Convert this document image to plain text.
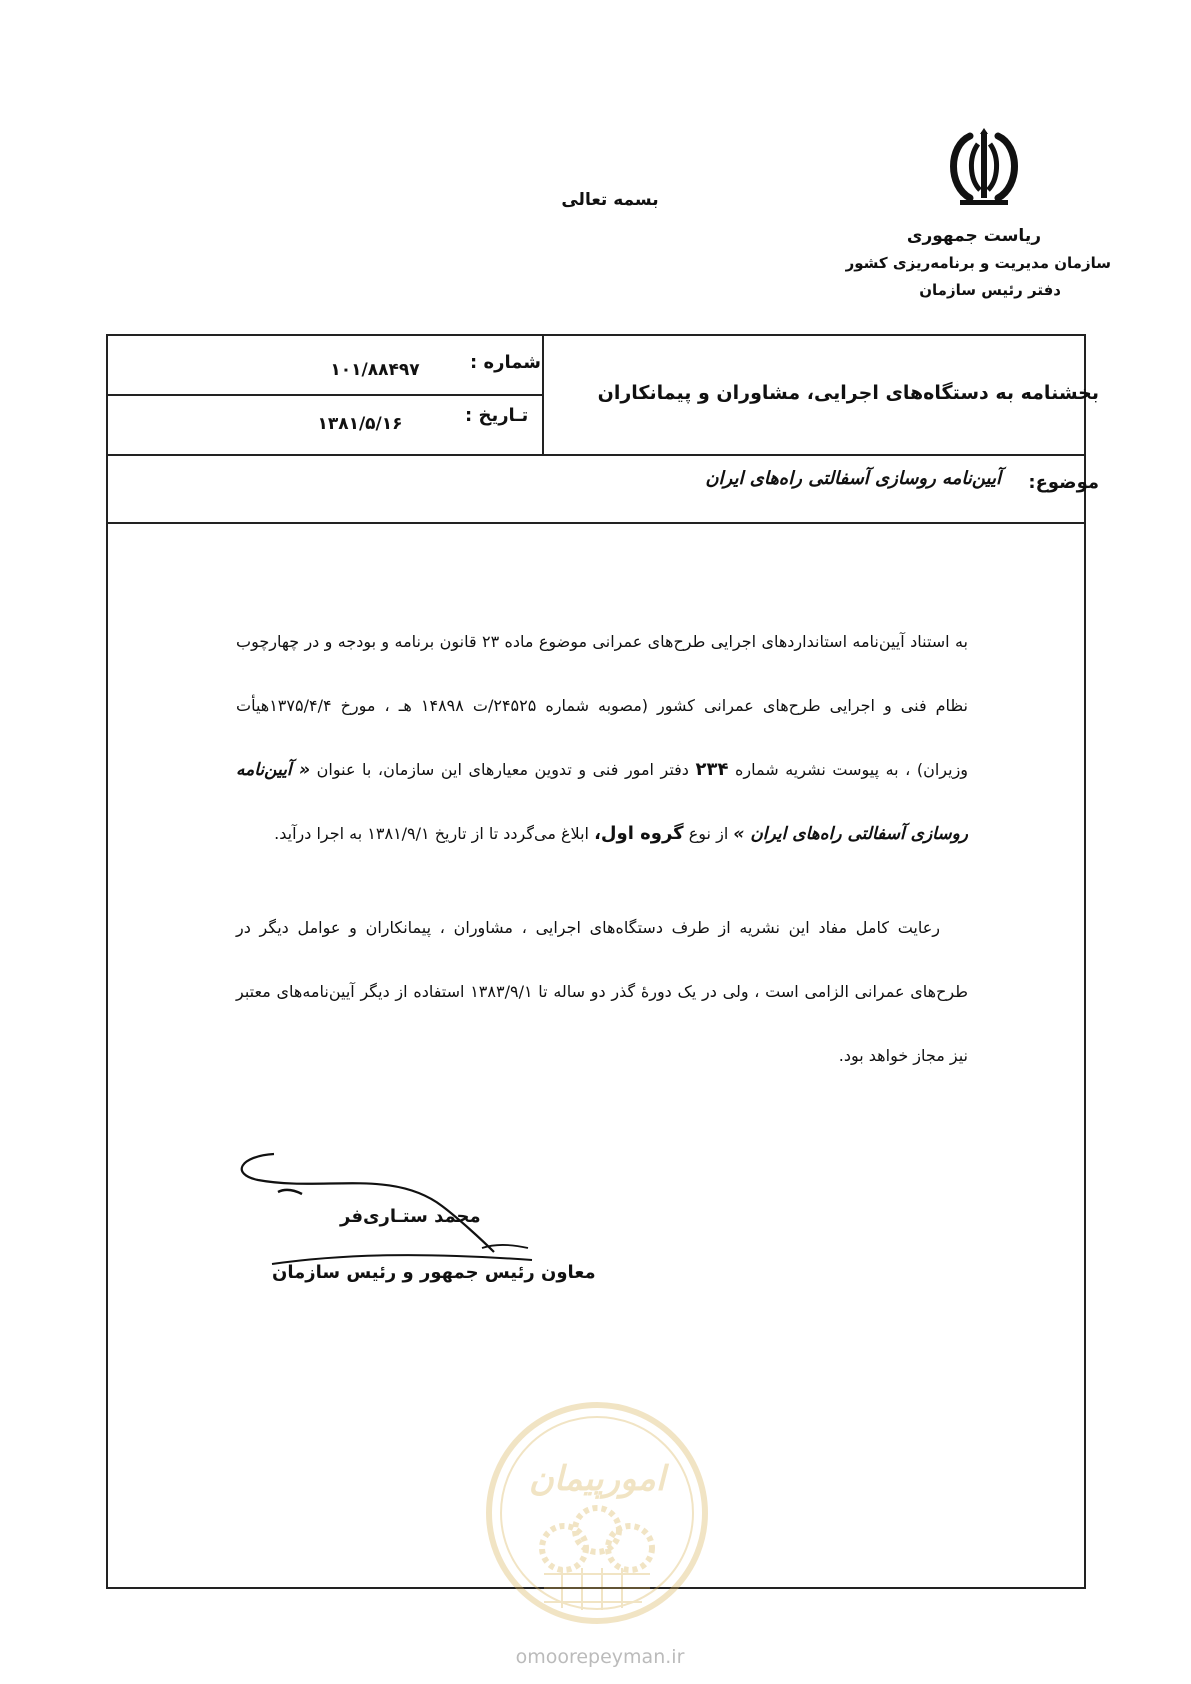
بسمه تعالی
ریاست جمهوری
سازمان مدیریت و برنامه‌ریزی کشور
دفتر رئیس سازمان
بخشنامه به دستگاه‌های اجرایی، مشاوران و پیمانکاران
شماره :
۱۰۱/۸۸۴۹۷
تـاریخ :
۱۳۸۱/۵/۱۶
موضوع:
آیین‌نامه روسازی آسفالتی راه‌های ایران

به استناد آیین‌نامه استانداردهای اجرایی طرح‌های عمرانی موضوع ماده ۲۳ قانون برنامه و بودجه و در چهارچوب نظام فنی و اجرایی طرح‌های عمرانی کشور (مصوبه شماره ۲۴۵۲۵/ت ۱۴۸۹۸ هـ ، مورخ ۱۳۷۵/۴/۴هیأت وزیران) ، به پیوست نشریه شماره ۲۳۴ دفتر امور فنی و تدوین معیارهای این سازمان، با عنوان « آیین‌نامه روسازی آسفالتی راه‌های ایران » از نوع گروه اول، ابلاغ می‌گردد تا از تاریخ ۱۳۸۱/۹/۱ به اجرا درآید.

رعایت کامل مفاد این نشریه از طرف دستگاه‌های اجرایی ، مشاوران ، پیمانکاران و عوامل دیگر در طرح‌های عمرانی الزامی است ، ولی در یک دورهٔ گذر دو ساله تا ۱۳۸۳/۹/۱ استفاده از دیگر آیین‌نامه‌های معتبر نیز مجاز خواهد بود.

محمد ستـاری‌فر
معاون رئیس جمهور و رئیس سازمان
امورپیمان
omoorepeyman.ir
